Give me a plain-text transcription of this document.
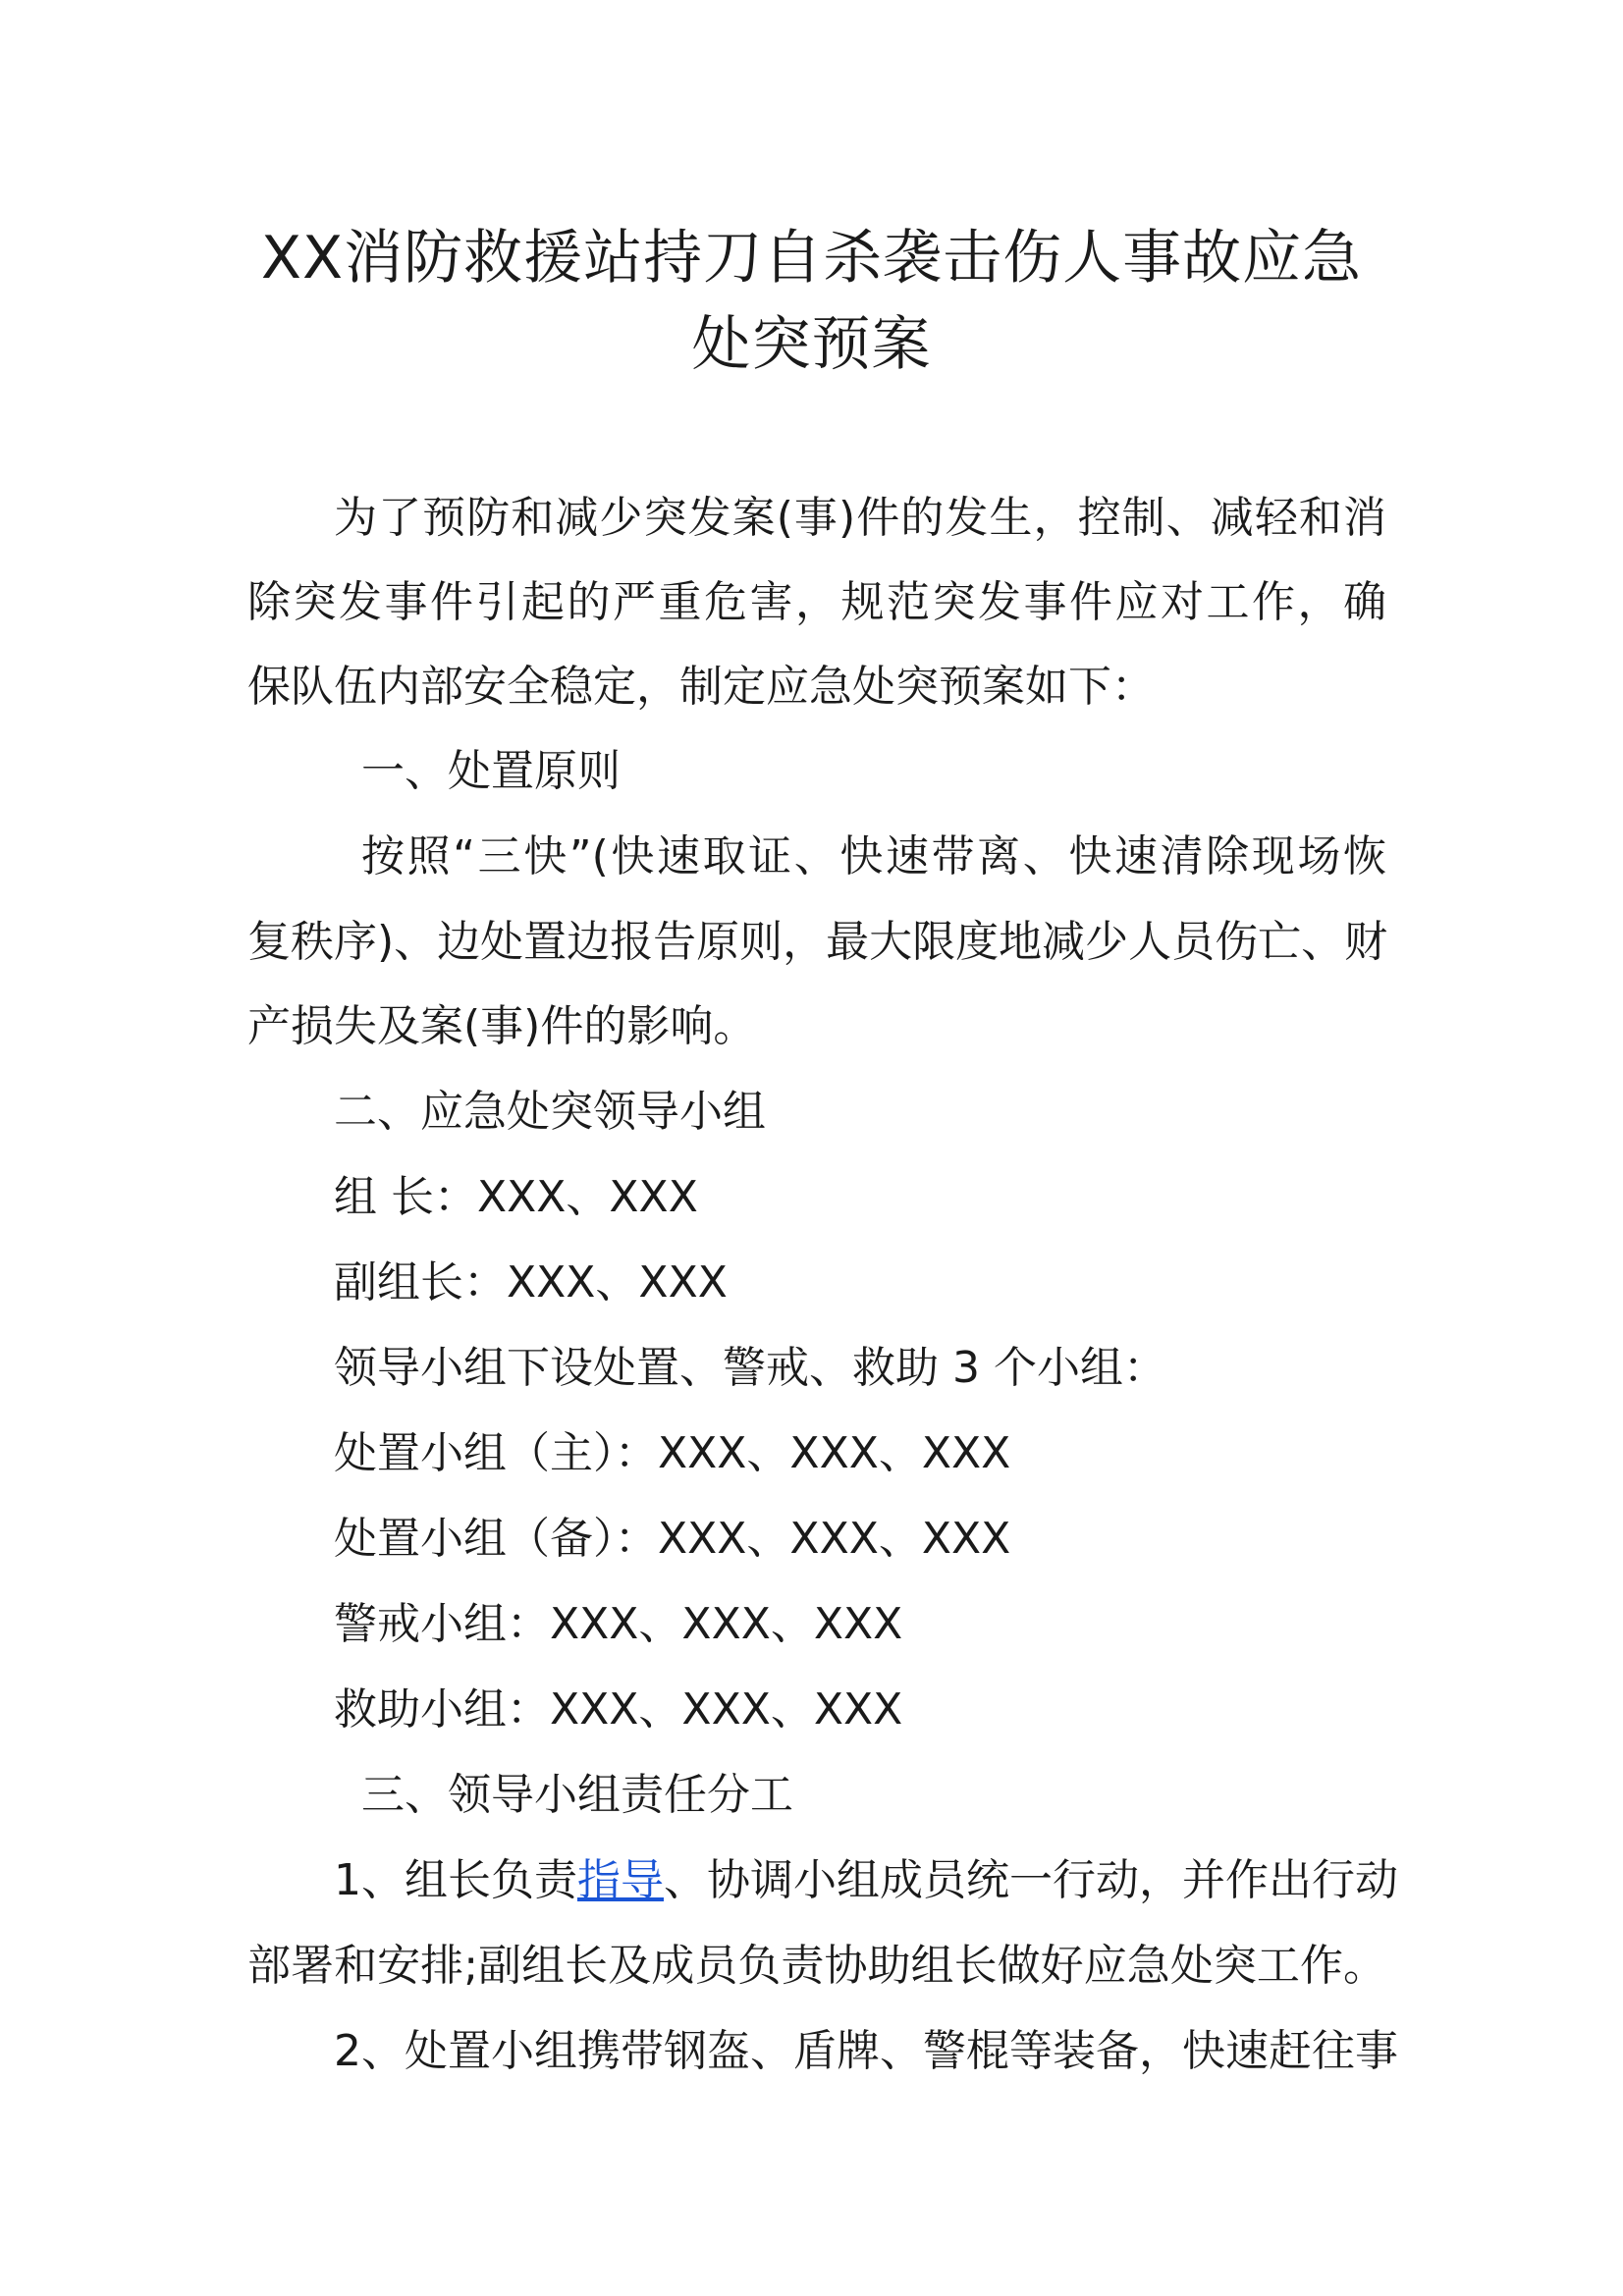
XX消防救援站持刀自杀袭击伤人事故应急
处突预案
为了预防和减少突发案(事)件的发生，控制、减轻和消
除突发事件引起的严重危害，规范突发事件应对工作，确
保队伍内部安全稳定，制定应急处突预案如下：
一、处置原则
按照“三快”(快速取证、快速带离、快速清除现场恢
复秩序)、边处置边报告原则，最大限度地减少人员伤亡、财
产损失及案(事)件的影响。
二、应急处突领导小组
组 长：XXX、XXX
副组长：XXX、XXX
领导小组下设处置、警戒、救助 3 个小组：
处置小组（主）：XXX、XXX、XXX
处置小组（备）：XXX、XXX、XXX
警戒小组：XXX、XXX、XXX
救助小组：XXX、XXX、XXX
三、领导小组责任分工
1、组长负责指导、协调小组成员统一行动，并作出行动
部署和安排;副组长及成员负责协助组长做好应急处突工作。
2、处置小组携带钢盔、盾牌、警棍等装备，快速赶往事
